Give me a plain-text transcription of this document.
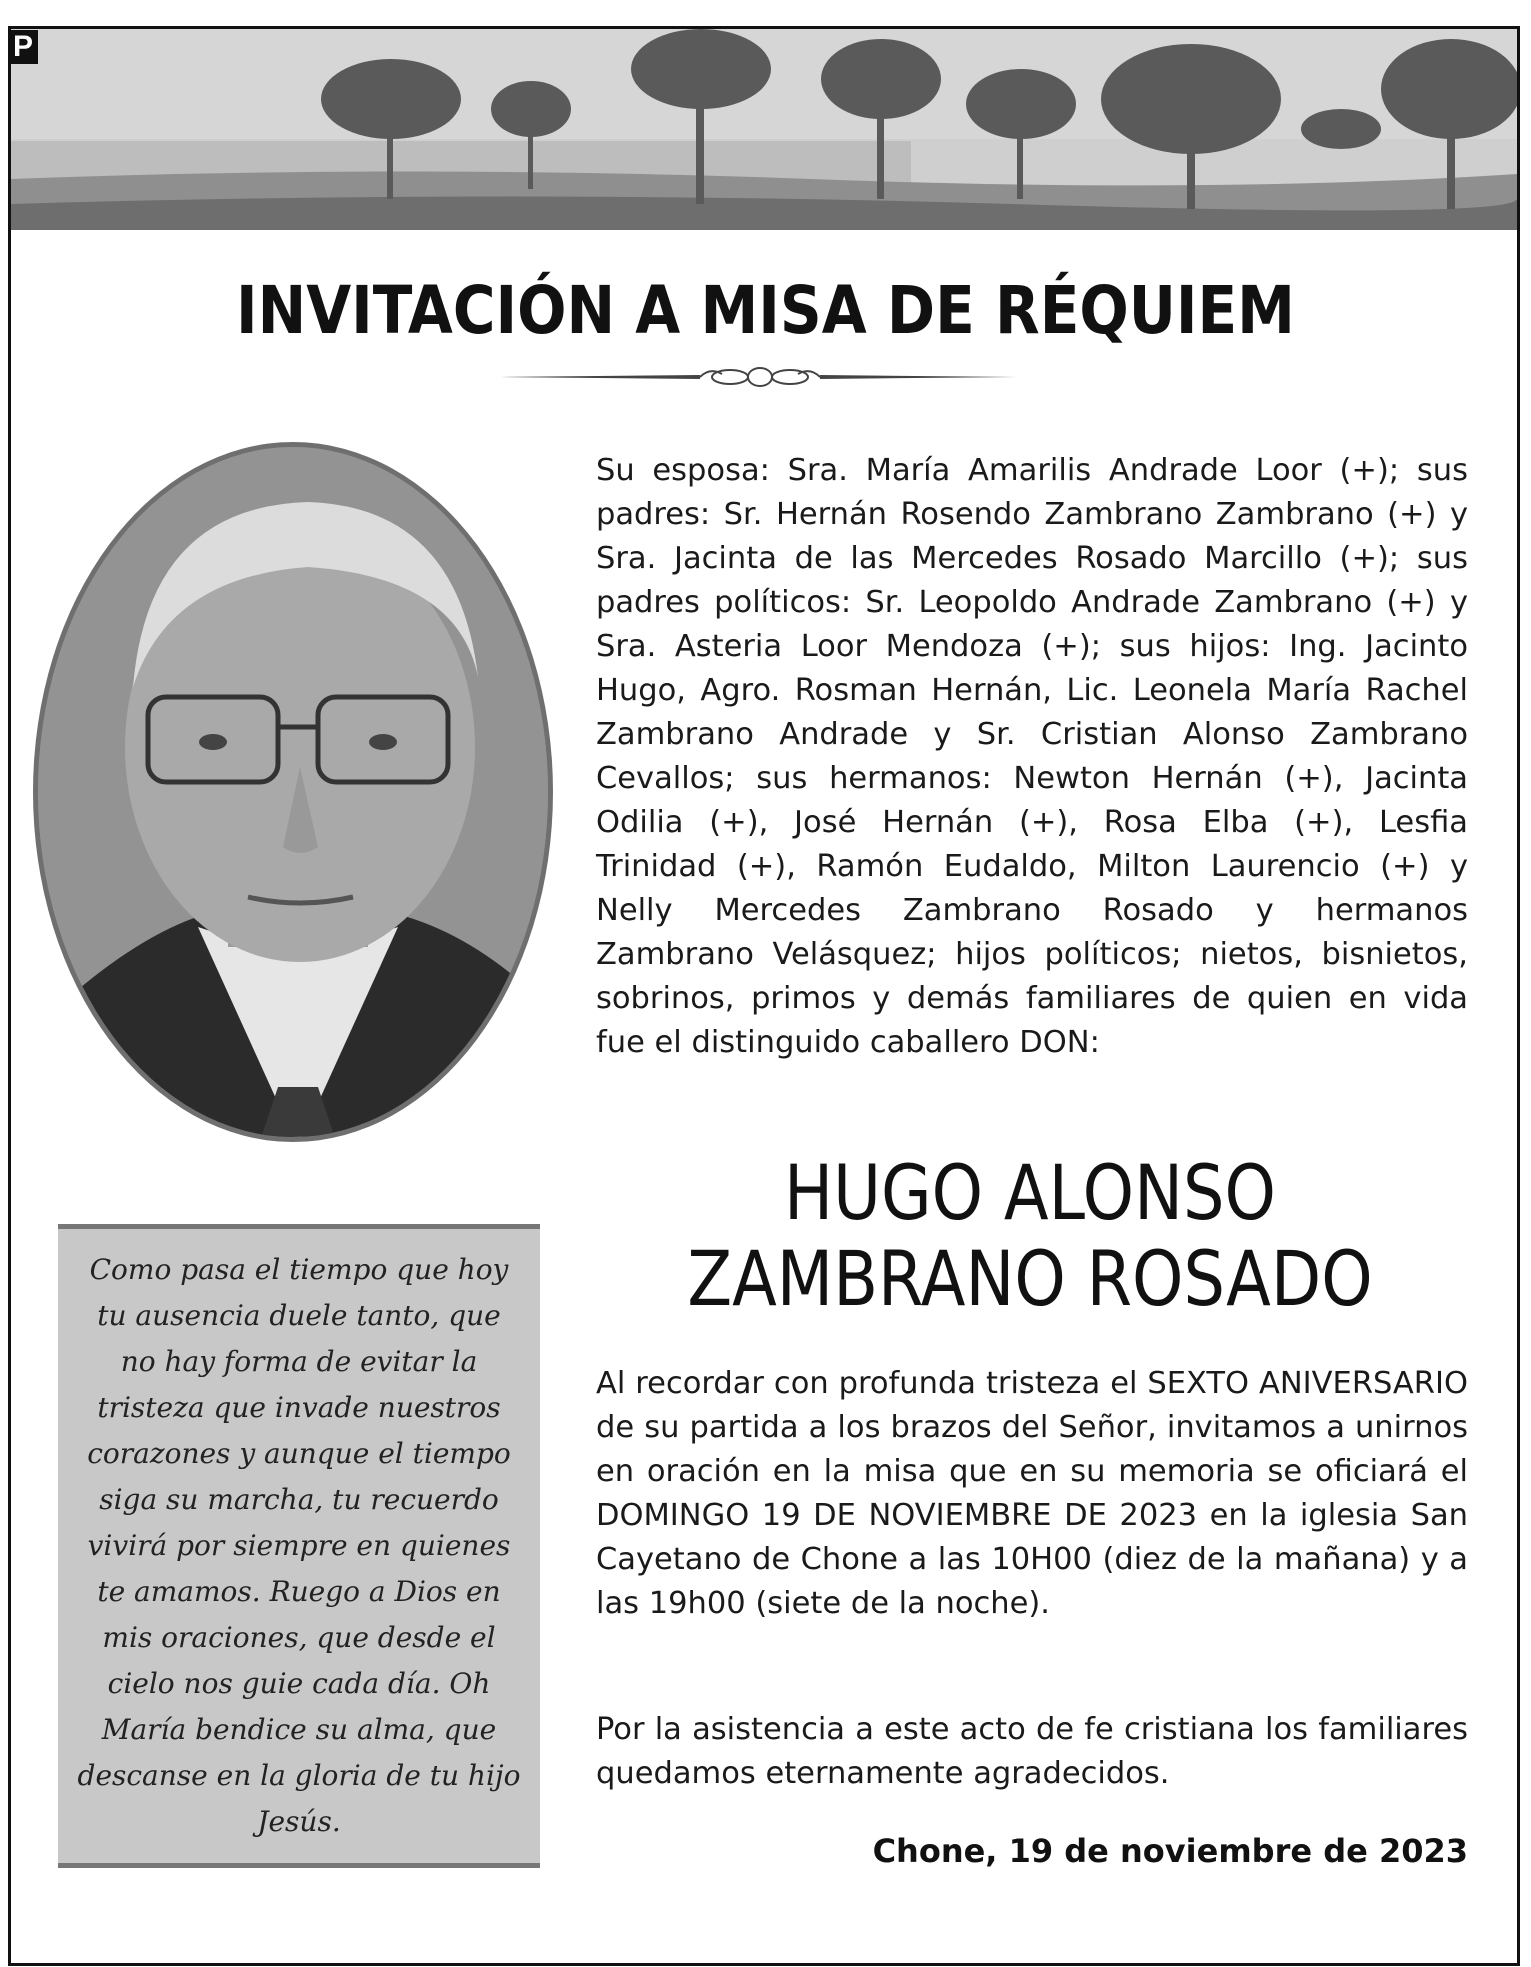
P
INVITACIÓN A MISA DE RÉQUIEM

Como pasa el tiempo que hoy tu ausencia duele tanto, que no hay forma de evitar la tristeza que invade nuestros corazones y aunque el tiempo siga su marcha, tu recuerdo vivirá por siempre en quienes te amamos. Ruego a Dios en mis oraciones, que desde el cielo nos guie cada día. Oh María bendice su alma, que descanse en la gloria de tu hijo Jesús.

Su esposa: Sra. María Amarilis Andrade Loor (+); sus padres: Sr. Hernán Rosendo Zambrano Zambrano (+) y Sra. Jacinta de las Mercedes Rosado Marcillo (+); sus padres políticos: Sr. Leopoldo Andrade Zambrano (+) y Sra. Asteria Loor Mendoza (+); sus hijos: Ing. Jacinto Hugo, Agro. Rosman Hernán, Lic. Leonela María Rachel Zambrano Andrade y Sr. Cristian Alonso Zambrano Cevallos; sus hermanos: Newton Hernán (+), Jacinta Odilia (+), José Hernán (+), Rosa Elba (+), Lesfia Trinidad (+), Ramón Eudaldo, Milton Laurencio (+) y Nelly Mercedes Zambrano Rosado y hermanos Zambrano Velásquez; hijos políticos; nietos, bisnietos, sobrinos, primos y demás familiares de quien en vida fue el distinguido caballero DON:

HUGO ALONSO

ZAMBRANO ROSADO

Al recordar con profunda tristeza el SEXTO ANIVERSARIO de su partida a los brazos del Señor, invitamos a unirnos en oración en la misa que en su memoria se oficiará el DOMINGO 19 DE NOVIEMBRE DE 2023 en la iglesia San Cayetano de Chone a las 10H00 (diez de la mañana) y a las 19h00 (siete de la noche).

Por la asistencia a este acto de fe cristiana los familiares quedamos eternamente agradecidos.

Chone, 19 de noviembre de 2023
